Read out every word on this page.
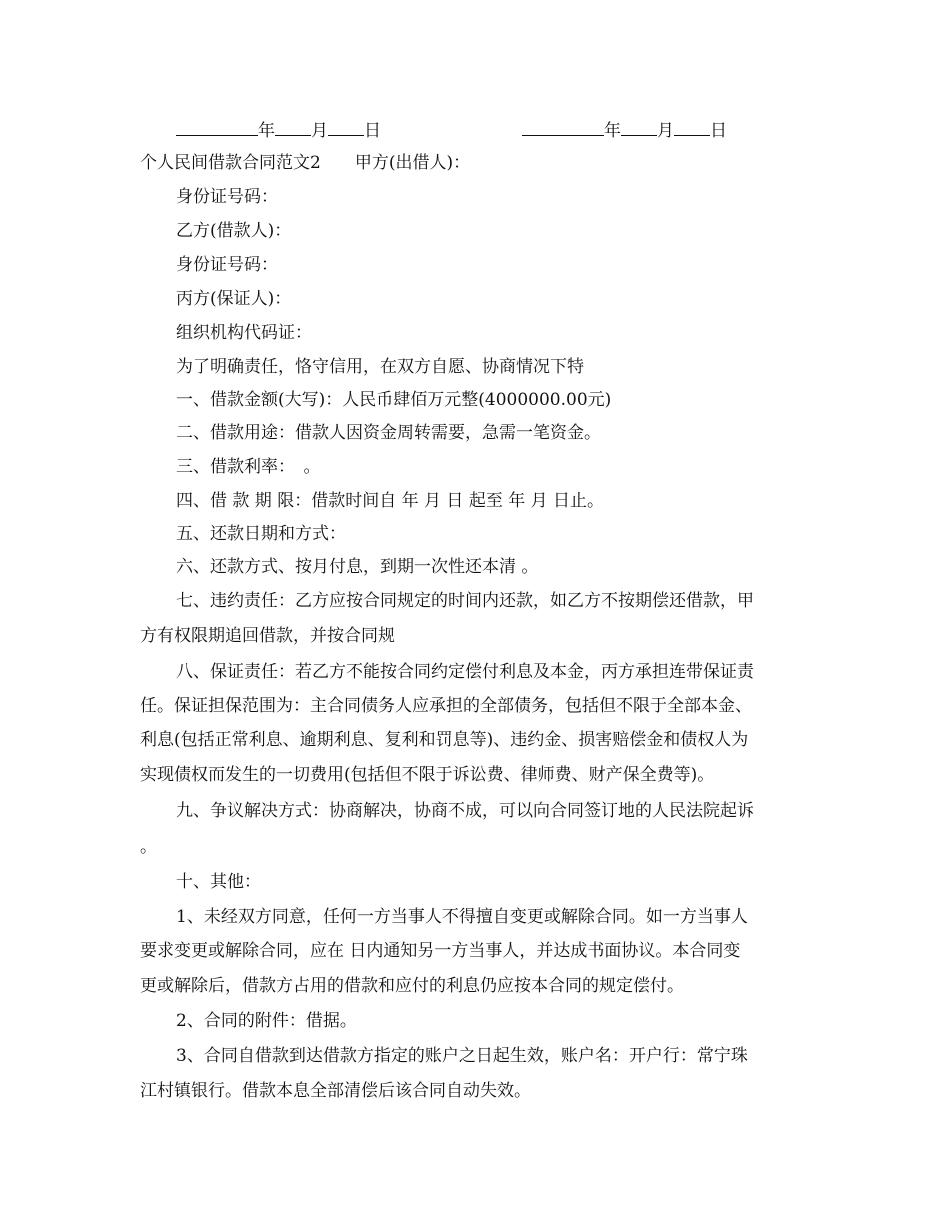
年 月 日	年 月 日
个人民间借款合同范文2　　甲方(出借人)：
身份证号码：
乙方(借款人)：
身份证号码：
丙方(保证人)：
组织机构代码证：
为了明确责任，恪守信用，在双方自愿、协商情况下特
一、借款金额(大写)：人民币肆佰万元整(4000000.00元)
二、借款用途：借款人因资金周转需要，急需一笔资金。
三、借款利率：　。
四、借 款 期 限：借款时间自 年 月 日 起至 年 月 日止。
五、还款日期和方式：
六、还款方式、按月付息，到期一次性还本清 。
七、违约责任：乙方应按合同规定的时间内还款，如乙方不按期偿还借款，甲
方有权限期追回借款，并按合同规
八、保证责任：若乙方不能按合同约定偿付利息及本金，丙方承担连带保证责
任。保证担保范围为：主合同债务人应承担的全部债务，包括但不限于全部本金、
利息(包括正常利息、逾期利息、复利和罚息等)、违约金、损害赔偿金和债权人为
实现债权而发生的一切费用(包括但不限于诉讼费、律师费、财产保全费等)。
九、争议解决方式：协商解决，协商不成，可以向合同签订地的人民法院起诉
。
十、其他：
1、未经双方同意，任何一方当事人不得擅自变更或解除合同。如一方当事人
要求变更或解除合同，应在 日内通知另一方当事人，并达成书面协议。本合同变
更或解除后，借款方占用的借款和应付的利息仍应按本合同的规定偿付。
2、合同的附件：借据。
3、合同自借款到达借款方指定的账户之日起生效，账户名：开户行：常宁珠
江村镇银行。借款本息全部清偿后该合同自动失效。
